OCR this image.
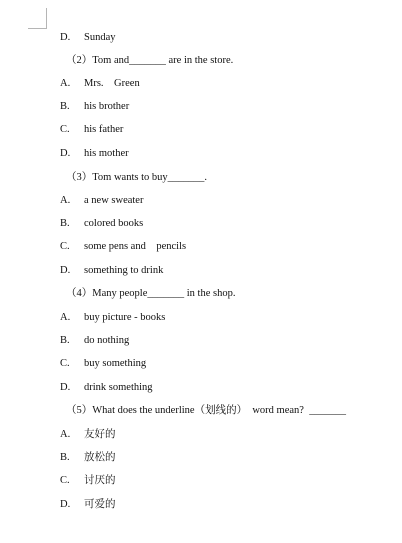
D.	Sunday
（2）Tom and_______ are in the store.
A.	Mrs.    Green
B.	his brother
C.	his father
D.	his mother
（3）Tom wants to buy_______.
A.	a new sweater
B.	colored books
C.	some pens and    pencils
D.	something to drink
（4）Many people_______ in the shop.
A.	buy picture - books
B.	do nothing
C.	buy something
D.	drink something
（5）What does the underline（划线的）  word mean?  _______
A.	友好的
B.	放松的
C.	讨厌的
D.	可爱的
